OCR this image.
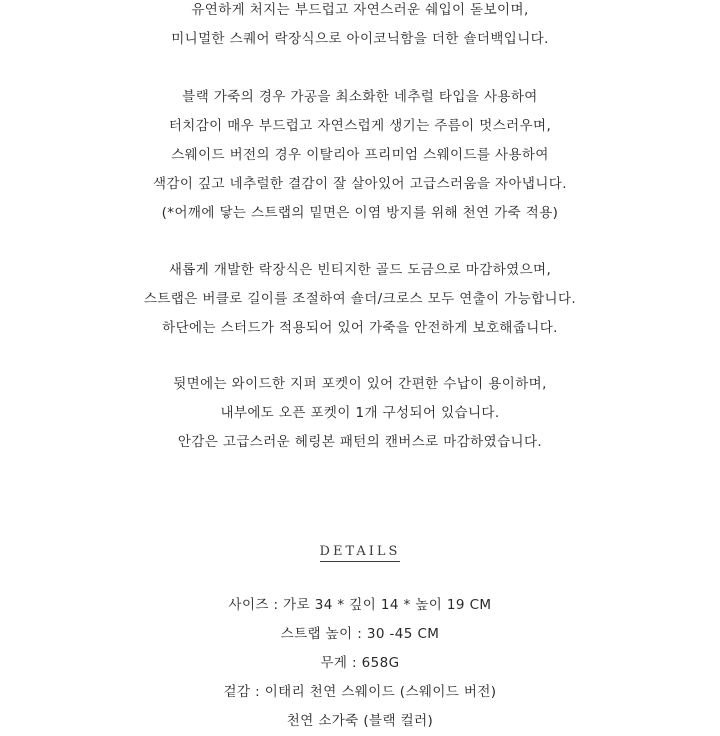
유연하게 처지는 부드럽고 자연스러운 쉐입이 돋보이며,
미니멀한 스퀘어 락장식으로 아이코닉함을 더한 숄더백입니다.
블랙 가죽의 경우 가공을 최소화한 네추럴 타입을 사용하여
터치감이 매우 부드럽고 자연스럽게 생기는 주름이 멋스러우며,
스웨이드 버전의 경우 이탈리아 프리미엄 스웨이드를 사용하여
색감이 깊고 네추럴한 결감이 잘 살아있어 고급스러움을 자아냅니다.
(*어깨에 닿는 스트랩의 밑면은 이염 방지를 위해 천연 가죽 적용)
새롭게 개발한 락장식은 빈티지한 골드 도금으로 마감하였으며,
스트랩은 버클로 길이를 조절하여 숄더/크로스 모두 연출이 가능합니다.
하단에는 스터드가 적용되어 있어 가죽을 안전하게 보호해줍니다.
뒷면에는 와이드한 지퍼 포켓이 있어 간편한 수납이 용이하며,
내부에도 오픈 포켓이 1개 구성되어 있습니다.
안감은 고급스러운 헤링본 패턴의 캔버스로 마감하였습니다.
DETAILS
사이즈 : 가로 34 * 깊이 14 * 높이 19 CM
스트랩 높이 : 30 -45 CM
무게 : 658G
겉감 : 이태리 천연 스웨이드 (스웨이드 버전)
천연 소가죽 (블랙 컬러)
